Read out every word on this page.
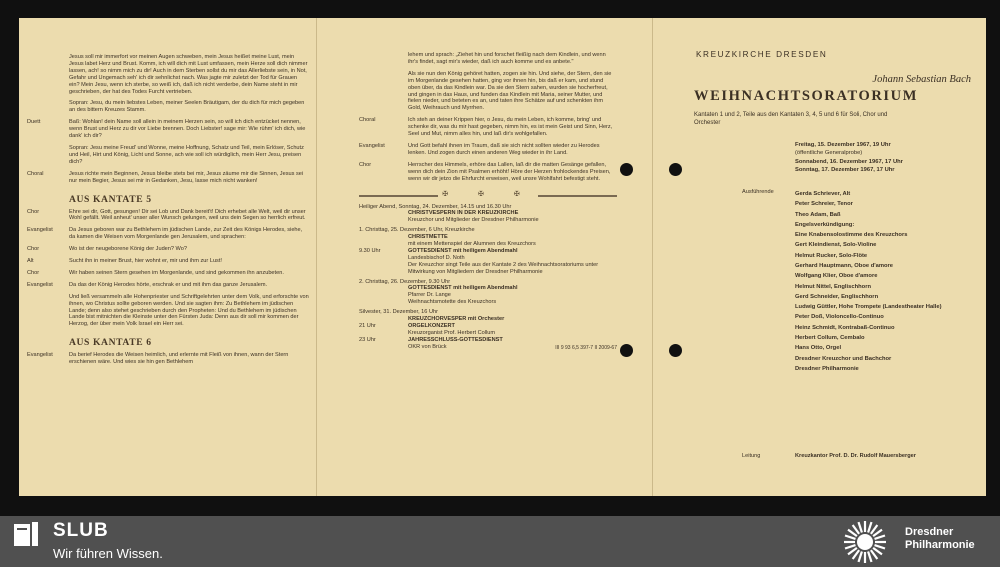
Jesus soll mir immerfort vor meinen Augen schweben, mein Jesus heißet meine Lust, mein Jesus labet Herz und Brust. Komm, ich will dich mit Lust umfassen, mein Herze soll dich nimmer lassen, ach! so nimm mich zu dir! Auch in dem Sterben sollst du mir das Allerliebste sein, in Not, Gefahr und Ungemach seh' ich dir sehnlichst nach. Was jagte mir zuletzt der Tod für Grauen ein? Mein Jesu, wenn ich sterbe, so weiß ich, daß ich nicht verderbe, dein Name steht in mir geschrieben, der hat des Todes Furcht vertrieben.
Sopran: Jesu, du mein liebstes Leben, meiner Seelen Bräutigam, der du dich für mich gegeben an des bittern Kreuzes Stamm.
Duett	Baß: Wohlan! dein Name soll allein in meinem Herzen sein, so will ich dich entzücket nennen, wenn Brust und Herz zu dir vor Liebe brennen. Doch Liebster! sage mir: Wie rühm' ich dich, wie dank' ich dir?
Sopran: Jesu meine Freud' und Wonne, meine Hoffnung, Schatz und Teil, mein Erlöser, Schutz und Heil, Hirt und König, Licht und Sonne, ach wie soll ich würdiglich, mein Herr Jesu, preisen dich?
Choral	Jesus richte mein Beginnen, Jesus bleibe stets bei mir, Jesus zäume mir die Sinnen, Jesus sei nur mein Begier, Jesus sei mir in Gedanken, Jesu, lasse mich nicht wanken!
AUS KANTATE 5
Chor	Ehre sei dir, Gott, gesungen! Dir sei Lob und Dank bereit't! Dich erhebet alle Welt, weil dir unser Wohl gefällt. Weil anheut' unser aller Wunsch gelungen, weil uns dein Segen so herrlich erfreut.
Evangelist	Da Jesus geboren war zu Bethlehem im jüdischen Lande, zur Zeit des Königs Herodes, siehe, da kamen die Weisen vom Morgenlande gen Jerusalem, und sprachen:
Chor	Wo ist der neugeborene König der Juden? Wo?
Alt	Sucht ihn in meiner Brust, hier wohnt er, mir und ihm zur Lust!
Chor	Wir haben seinen Stern gesehen im Morgenlande, und sind gekommen ihn anzubeten.
Evangelist	Da das der König Herodes hörte, erschrak er und mit ihm das ganze Jerusalem.
Und ließ versammeln alle Hohenpriester und Schriftgelehrten unter dem Volk, und erforschte von ihnen, wo Christus sollte geboren werden. Und sie sagten ihm: Zu Bethlehem im jüdischen Lande; denn also stehet geschrieben durch den Propheten: Und du Bethlehem im jüdischen Lande bist mitnichten die Kleinste unter den Fürsten Juda: Denn aus dir soll mir kommen der Herzog, der über mein Volk Israel ein Herr sei.
AUS KANTATE 6
Evangelist	Da berief Herodes die Weisen heimlich, und erlernte mit Fleiß von ihnen, wann der Stern erschienen wäre. Und wies sie hin gen Bethlehem
lehem und sprach: „Ziehet hin und forschet fleißig nach dem Kindlein, und wenn ihr's findet, sagt mir's wieder, daß ich auch komme und es anbete."
Als sie nun den König gehöret hatten, zogen sie hin. Und siehe, der Stern, den sie im Morgenlande gesehen hatten, ging vor ihnen hin, bis daß er kam, und stund oben über, da das Kindlein war. Da sie den Stern sahen, wurden sie hocherfreut, und gingen in das Haus, und funden das Kindlein mit Maria, seiner Mutter, und fielen nieder, und beteten es an, und taten ihre Schätze auf und schenkten ihm Gold, Weihrauch und Myrrhen.
Choral	Ich steh an deiner Krippen hier, o Jesu, du mein Leben, ich komme, bring' und schenke dir, was du mir hast gegeben, nimm hin, es ist mein Geist und Sinn, Herz, Seel und Mut, nimm alles hin, und laß dir's wohlgefallen.
Evangelist	Und Gott befahl ihnen im Traum, daß sie sich nicht sollten wieder zu Herodes lenken. Und zogen durch einen anderen Weg wieder in ihr Land.
Chor	Herrscher des Himmels, erhöre das Lallen, laß dir die matten Gesänge gefallen, wenn dich dein Zion mit Psalmen erhöht! Höre der Herzen frohlockendes Preisen, wenn wir dir jetzo die Ehrfurcht erweisen, weil unsre Wohlfahrt befestigt steht.
✠ ✠ ✠
Heiliger Abend, Sonntag, 24. Dezember, 14.15 und 16.30 Uhr
CHRISTVESPERN IN DER KREUZKIRCHE
Kreuzchor und Mitglieder der Dresdner Philharmonie
1. Christtag, 25. Dezember, 6 Uhr, Kreuzkirche
CHRISTMETTE
mit einem Mettenspiel der Alumnen des Kreuzchors
9.30 Uhr	GOTTESDIENST mit heiligem Abendmahl
Landesbischof D. Noth
Der Kreuzchor singt Teile aus der Kantate 2 des Weihnachtsoratoriums unter Mitwirkung von Mitgliedern der Dresdner Philharmonie
2. Christtag, 26. Dezember, 9.30 Uhr
GOTTESDIENST mit heiligem Abendmahl
Pfarrer Dr. Lange
Weihnachtsmotette des Kreuzchors
Silvester, 31. Dezember, 16 Uhr
KREUZCHORVESPER mit Orchester
21 Uhr	ORGELKONZERT
Kreuzorganist Prof. Herbert Collum
23 Uhr	JAHRESSCHLUSS-GOTTESDIENST
OKR von Brück	III 9 93 6,5 397-7 II 2009-67
KREUZKIRCHE DRESDEN
Johann Sebastian Bach
WEIHNACHTSORATORIUM
Kantaten 1 und 2, Teile aus den Kantaten 3, 4, 5 und 6 für Soli, Chor und Orchester
Freitag, 15. Dezember 1967, 19 Uhr
(öffentliche Generalprobe)
Sonnabend, 16. Dezember 1967, 17 Uhr
Sonntag, 17. Dezember 1967, 17 Uhr
Ausführende	Gerda Schriever, Alt
Peter Schreier, Tenor
Theo Adam, Baß
Engelsverkündigung:
Eine Knabensolostimme des Kreuzchors
Gert Kleindienst, Solo-Violine
Helmut Rucker, Solo-Flöte
Gerhard Hauptmann, Oboe d'amore
Wolfgang Klier, Oboe d'amore
Helmut Nittel, Englischhorn
Gerd Schneider, Englischhorn
Ludwig Güttler, Hohe Trompete (Landestheater Halle)
Peter Doß, Violoncello-Continuo
Heinz Schmidt, Kontrabaß-Continuo
Herbert Collum, Cembalo
Hans Otto, Orgel
Dresdner Kreuzchor und Bachchor
Dresdner Philharmonie
Leitung	Kreuzkantor Prof. D. Dr. Rudolf Mauersberger
SLUB
Wir führen Wissen.
Dresdner
Philharmonie
